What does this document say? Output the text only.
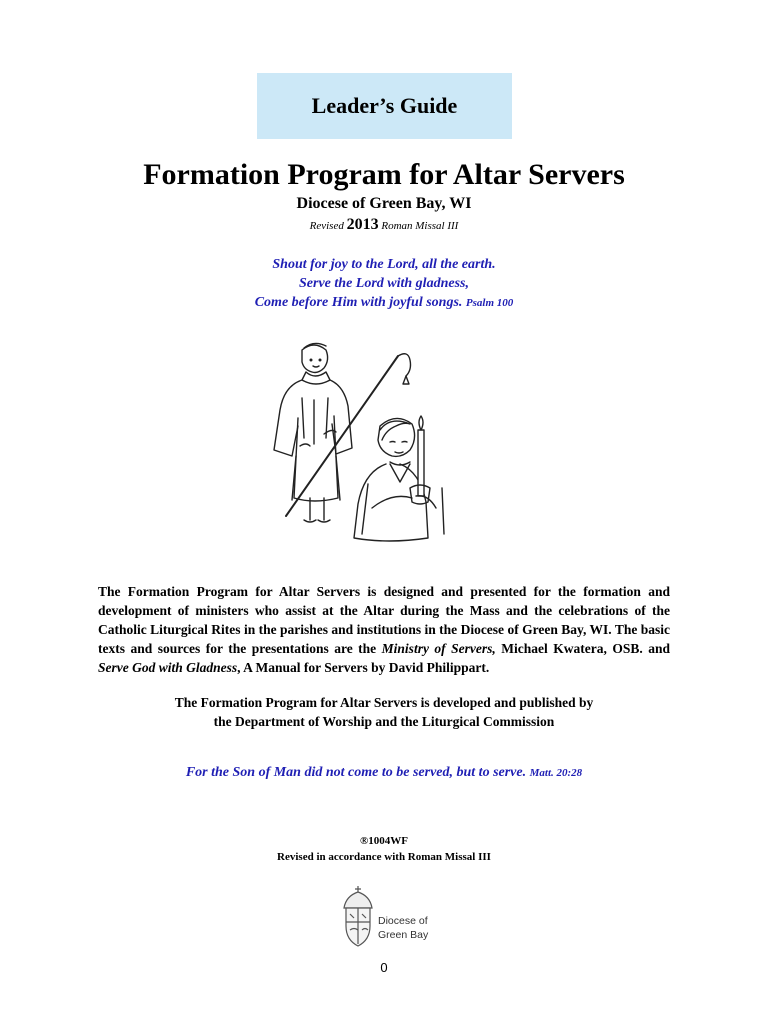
Leader’s Guide
Formation Program for Altar Servers
Diocese of Green Bay, WI
Revised 2013 Roman Missal III
Shout for joy to the Lord, all the earth.
Serve the Lord with gladness,
Come before Him with joyful songs. Psalm 100

The Formation Program for Altar Servers is designed and presented for the formation and development of ministers who assist at the Altar during the Mass and the celebrations of the Catholic Liturgical Rites in the parishes and institutions in the Diocese of Green Bay, WI. The basic texts and sources for the presentations are the Ministry of Servers, Michael Kwatera, OSB. and Serve God with Gladness, A Manual for Servers by David Philippart.

The Formation Program for Altar Servers is developed and published by
the Department of Worship and the Liturgical Commission
For the Son of Man did not come to be served, but to serve. Matt. 20:28
®1004WF
Revised in accordance with Roman Missal III
Diocese of
Green Bay
0
